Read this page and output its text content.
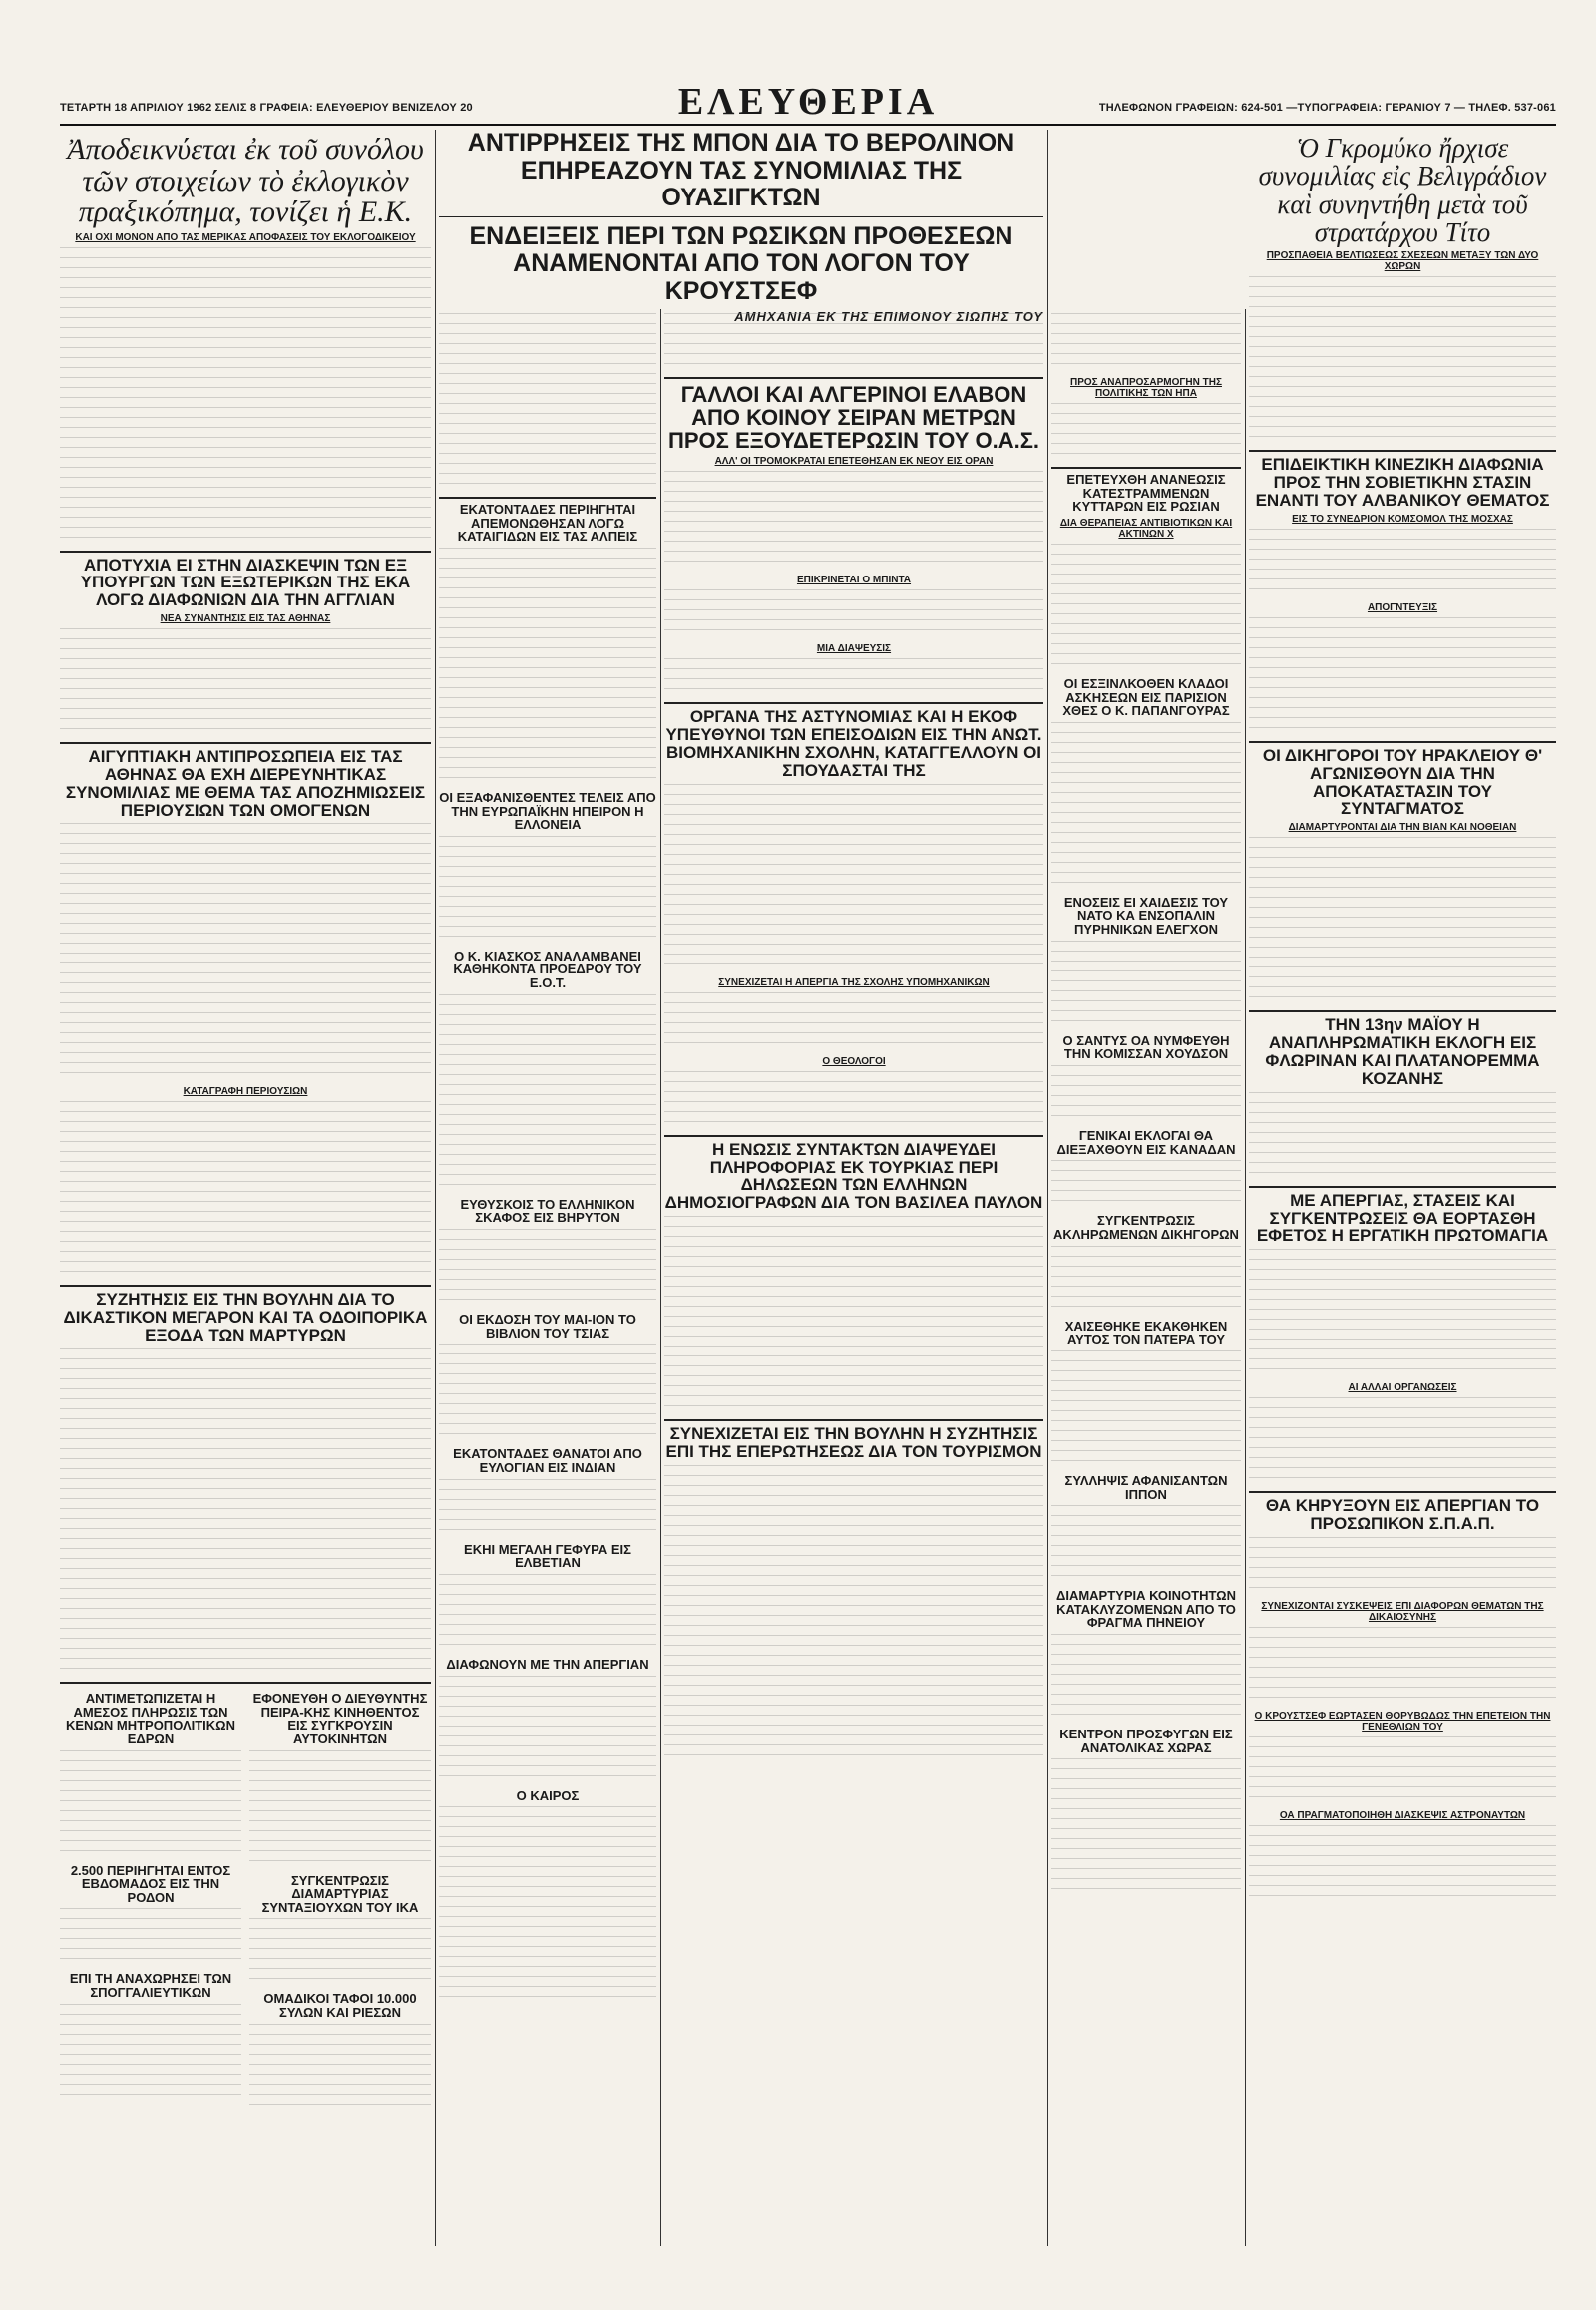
ΤΕΤΑΡΤΗ 18 ΑΠΡΙΛΙΟΥ 1962 ΣΕΛΙΣ 8 ΓΡΑΦΕΙΑ: ΕΛΕΥΘΕΡΙΟΥ ΒΕΝΙΖΕΛΟΥ 20	ΕΛΕΥΘΕΡΙΑ	ΤΗΛΕΦΩΝΟΝ ΓΡΑΦΕΙΩΝ: 624-501 —ΤΥΠΟΓΡΑΦΕΙΑ: ΓΕΡΑΝΙΟΥ 7 — ΤΗΛΕΦ. 537-061
Ἀποδεικνύεται ἐκ τοῦ συνόλου τῶν στοιχείων τὸ ἐκλογικὸν πραξικόπημα, τονίζει ἡ Ε.Κ.
ΚΑΙ ΟΧΙ ΜΟΝΟΝ ΑΠΟ ΤΑΣ ΜΕΡΙΚΑΣ ΑΠΟΦΑΣΕΙΣ ΤΟΥ ΕΚΛΟΓΟΔΙΚΕΙΟΥ
ΑΠΟΤΥΧΙΑ ΕΙ ΣΤΗΝ ΔΙΑΣΚΕΨΙΝ ΤΩΝ ΕΞ ΥΠΟΥΡΓΩΝ ΤΩΝ ΕΞΩΤΕΡΙΚΩΝ ΤΗΣ ΕΚΑ ΛΟΓΩ ΔΙΑΦΩΝΙΩΝ ΔΙΑ ΤΗΝ ΑΓΓΛΙΑΝ
ΝΕΑ ΣΥΝΑΝΤΗΣΙΣ ΕΙΣ ΤΑΣ ΑΘΗΝΑΣ
ΑΙΓΥΠΤΙΑΚΗ ΑΝΤΙΠΡΟΣΩΠΕΙΑ ΕΙΣ ΤΑΣ ΑΘΗΝΑΣ ΘΑ ΕΧΗ ΔΙΕΡΕΥΝΗΤΙΚΑΣ ΣΥΝΟΜΙΛΙΑΣ ΜΕ ΘΕΜΑ ΤΑΣ ΑΠΟΖΗΜΙΩΣΕΙΣ ΠΕΡΙΟΥΣΙΩΝ ΤΩΝ ΟΜΟΓΕΝΩΝ
ΚΑΤΑΓΡΑΦΗ ΠΕΡΙΟΥΣΙΩΝ
ΣΥΖΗΤΗΣΙΣ ΕΙΣ ΤΗΝ ΒΟΥΛΗΝ ΔΙΑ ΤΟ ΔΙΚΑΣΤΙΚΟΝ ΜΕΓΑΡΟΝ ΚΑΙ ΤΑ ΟΔΟΙΠΟΡΙΚΑ ΕΞΟΔΑ ΤΩΝ ΜΑΡΤΥΡΩΝ
ΑΝΤΙΜΕΤΩΠΙΖΕΤΑΙ Η ΑΜΕΣΟΣ ΠΛΗΡΩΣΙΣ ΤΩΝ ΚΕΝΩΝ ΜΗΤΡΟΠΟΛΙΤΙΚΩΝ ΕΔΡΩΝ
2.500 ΠΕΡΙΗΓΗΤΑΙ ΕΝΤΟΣ ΕΒΔΟΜΑΔΟΣ ΕΙΣ ΤΗΝ ΡΟΔΟΝ
ΕΠΙ ΤΗ ΑΝΑΧΩΡΗΣΕΙ ΤΩΝ ΣΠΟΓΓΑΛΙΕΥΤΙΚΩΝ
ΕΦΟΝΕΥΘΗ Ο ΔΙΕΥΘΥΝΤΗΣ ΠΕΙΡΑ-ΚΗΣ ΚΙΝΗΘΕΝΤΟΣ ΕΙΣ ΣΥΓΚΡΟΥΣΙΝ ΑΥΤΟΚΙΝΗΤΩΝ
ΣΥΓΚΕΝΤΡΩΣΙΣ ΔΙΑΜΑΡΤΥΡΙΑΣ ΣΥΝΤΑΞΙΟΥΧΩΝ ΤΟΥ ΙΚΑ
ΟΜΑΔΙΚΟΙ ΤΑΦΟΙ 10.000 ΣΥΛΩΝ ΚΑΙ ΡΙΕΣΩΝ
ΑΝΤΙΡΡΗΣΕΙΣ ΤΗΣ ΜΠΟΝ ΔΙΑ ΤΟ ΒΕΡΟΛΙΝΟΝ ΕΠΗΡΕΑΖΟΥΝ ΤΑΣ ΣΥΝΟΜΙΛΙΑΣ ΤΗΣ ΟΥΑΣΙΓΚΤΩΝ
ΕΝΔΕΙΞΕΙΣ ΠΕΡΙ ΤΩΝ ΡΩΣΙΚΩΝ ΠΡΟΘΕΣΕΩΝ ΑΝΑΜΕΝΟΝΤΑΙ ΑΠΟ ΤΟΝ ΛΟΓΟΝ ΤΟΥ ΚΡΟΥΣΤΣΕΦ
ΑΜΗΧΑΝΙΑ ΕΚ ΤΗΣ ΕΠΙΜΟΝΟΥ ΣΙΩΠΗΣ ΤΟΥ
ΕΚΑΤΟΝΤΑΔΕΣ ΠΕΡΙΗΓΗΤΑΙ ΑΠΕΜΟΝΩΘΗΣΑΝ ΛΟΓΩ ΚΑΤΑΙΓΙΔΩΝ ΕΙΣ ΤΑΣ ΑΛΠΕΙΣ
ΟΙ ΕΞΑΦΑΝΙΣΘΕΝΤΕΣ ΤΕΛΕΙΣ ΑΠΟ ΤΗΝ ΕΥΡΩΠΑΪΚΗΝ ΗΠΕΙΡΟΝ Η ΕΛΛΟΝΕΙΑ
Ο Κ. ΚΙΑΣΚΟΣ ΑΝΑΛΑΜΒΑΝΕΙ ΚΑΘΗΚΟΝΤΑ ΠΡΟΕΔΡΟΥ ΤΟΥ Ε.Ο.Τ.
ΕΥΘΥΣΚΟΙΣ ΤΟ ΕΛΛΗΝΙΚΟΝ ΣΚΑΦΟΣ ΕΙΣ ΒΗΡΥΤΟΝ
ΟΙ ΕΚΔΟΣΗ ΤΟΥ ΜΑΙ-ΙΟΝ ΤΟ ΒΙΒΛΙΟΝ ΤΟΥ ΤΣΙΑΣ
ΕΚΑΤΟΝΤΑΔΕΣ ΘΑΝΑΤΟΙ ΑΠΟ ΕΥΛΟΓΙΑΝ ΕΙΣ ΙΝΔΙΑΝ
ΕΚΗΙ ΜΕΓΑΛΗ ΓΕΦΥΡΑ ΕΙΣ ΕΛΒΕΤΙΑΝ
ΔΙΑΦΩΝΟΥΝ ΜΕ ΤΗΝ ΑΠΕΡΓΙΑΝ
Ο ΚΑΙΡΟΣ
ΓΑΛΛΟΙ ΚΑΙ ΑΛΓΕΡΙΝΟΙ ΕΛΑΒΟΝ ΑΠΟ ΚΟΙΝΟΥ ΣΕΙΡΑΝ ΜΕΤΡΩΝ ΠΡΟΣ ΕΞΟΥΔΕΤΕΡΩΣΙΝ ΤΟΥ Ο.Α.Σ.
ΑΛΛ' ΟΙ ΤΡΟΜΟΚΡΑΤΑΙ ΕΠΕΤΕΘΗΣΑΝ ΕΚ ΝΕΟΥ ΕΙΣ ΟΡΑΝ
ΕΠΙΚΡΙΝΕΤΑΙ Ο ΜΠΙΝΤΑ
ΜΙΑ ΔΙΑΨΕΥΣΙΣ
ΟΡΓΑΝΑ ΤΗΣ ΑΣΤΥΝΟΜΙΑΣ ΚΑΙ Η ΕΚΟΦ ΥΠΕΥΘΥΝΟΙ ΤΩΝ ΕΠΕΙΣΟΔΙΩΝ ΕΙΣ ΤΗΝ ΑΝΩΤ. ΒΙΟΜΗΧΑΝΙΚΗΝ ΣΧΟΛΗΝ, ΚΑΤΑΓΓΕΛΛΟΥΝ ΟΙ ΣΠΟΥΔΑΣΤΑΙ ΤΗΣ
ΣΥΝΕΧΙΖΕΤΑΙ Η ΑΠΕΡΓΙΑ ΤΗΣ ΣΧΟΛΗΣ ΥΠΟΜΗΧΑΝΙΚΩΝ
Ο ΘΕΟΛΟΓΟΙ
Η ΕΝΩΣΙΣ ΣΥΝΤΑΚΤΩΝ ΔΙΑΨΕΥΔΕΙ ΠΛΗΡΟΦΟΡΙΑΣ ΕΚ ΤΟΥΡΚΙΑΣ ΠΕΡΙ ΔΗΛΩΣΕΩΝ ΤΩΝ ΕΛΛΗΝΩΝ ΔΗΜΟΣΙΟΓΡΑΦΩΝ ΔΙΑ ΤΟΝ ΒΑΣΙΛΕΑ ΠΑΥΛΟΝ
ΣΥΝΕΧΙΖΕΤΑΙ ΕΙΣ ΤΗΝ ΒΟΥΛΗΝ Η ΣΥΖΗΤΗΣΙΣ ΕΠΙ ΤΗΣ ΕΠΕΡΩΤΗΣΕΩΣ ΔΙΑ ΤΟΝ ΤΟΥΡΙΣΜΟΝ
ΠΡΟΣ ΑΝΑΠΡΟΣΑΡΜΟΓΗΝ ΤΗΣ ΠΟΛΙΤΙΚΗΣ ΤΩΝ ΗΠΑ
ΕΠΕΤΕΥΧΘΗ ΑΝΑΝΕΩΣΙΣ ΚΑΤΕΣΤΡΑΜΜΕΝΩΝ ΚΥΤΤΑΡΩΝ ΕΙΣ ΡΩΣΙΑΝ
ΔΙΑ ΘΕΡΑΠΕΙΑΣ ΑΝΤΙΒΙΟΤΙΚΩΝ ΚΑΙ ΑΚΤΙΝΩΝ Χ
ΟΙ ΕΣΞΙΝΛΚΟΘΕΝ ΚΛΑΔΟΙ ΑΣΚΗΣΕΩΝ ΕΙΣ ΠΑΡΙΣΙΟΝ ΧΘΕΣ Ο Κ. ΠΑΠΑΝΓΟΥΡΑΣ
ΕΝΟΣΕΙΣ ΕΙ ΧΑΙΔΕΣΙΣ ΤΟΥ ΝΑΤΟ ΚΑ ΕΝΣΟΠΑΛΙΝ ΠΥΡΗΝΙΚΩΝ ΕΛΕΓΧΟΝ
Ο ΣΑΝΤΥΣ ΟΑ ΝΥΜΦΕΥΘΗ ΤΗΝ ΚΟΜΙΣΣΑΝ ΧΟΥΔΣΟΝ
ΓΕΝΙΚΑΙ ΕΚΛΟΓΑΙ ΘΑ ΔΙΕΞΑΧΘΟΥΝ ΕΙΣ ΚΑΝΑΔΑΝ
ΣΥΓΚΕΝΤΡΩΣΙΣ ΑΚΛΗΡΩΜΕΝΩΝ ΔΙΚΗΓΟΡΩΝ
ΧΑΙΣΕΘΗΚΕ ΕΚΑΚΘΗΚΕΝ ΑΥΤΟΣ ΤΟΝ ΠΑΤΕΡΑ ΤΟΥ
ΣΥΛΛΗΨΙΣ ΑΦΑΝΙΣΑΝΤΩΝ ΙΠΠΟΝ
ΔΙΑΜΑΡΤΥΡΙΑ ΚΟΙΝΟΤΗΤΩΝ ΚΑΤΑΚΛΥΖΟΜΕΝΩΝ ΑΠΟ ΤΟ ΦΡΑΓΜΑ ΠΗΝΕΙΟΥ
ΚΕΝΤΡΟΝ ΠΡΟΣΦΥΓΩΝ ΕΙΣ ΑΝΑΤΟΛΙΚΑΣ ΧΩΡΑΣ
Ὁ Γκρομύκο ἤρχισε συνομιλίας εἰς Βελιγράδιον καὶ συνηντήθη μετὰ τοῦ στρατάρχου Τίτο
ΠΡΟΣΠΑΘΕΙΑ ΒΕΛΤΙΩΣΕΩΣ ΣΧΕΣΕΩΝ ΜΕΤΑΞΥ ΤΩΝ ΔΥΟ ΧΩΡΩΝ
ΕΠΙΔΕΙΚΤΙΚΗ ΚΙΝΕΖΙΚΗ ΔΙΑΦΩΝΙΑ ΠΡΟΣ ΤΗΝ ΣΟΒΙΕΤΙΚΗΝ ΣΤΑΣΙΝ ΕΝΑΝΤΙ ΤΟΥ ΑΛΒΑΝΙΚΟΥ ΘΕΜΑΤΟΣ
ΕΙΣ ΤΟ ΣΥΝΕΔΡΙΟΝ ΚΟΜΣΟΜΟΛ ΤΗΣ ΜΟΣΧΑΣ
ΑΠΟΓΝΤΕΥΞΙΣ
ΟΙ ΔΙΚΗΓΟΡΟΙ ΤΟΥ ΗΡΑΚΛΕΙΟΥ Θ' ΑΓΩΝΙΣΘΟΥΝ ΔΙΑ ΤΗΝ ΑΠΟΚΑΤΑΣΤΑΣΙΝ ΤΟΥ ΣΥΝΤΑΓΜΑΤΟΣ
ΔΙΑΜΑΡΤΥΡΟΝΤΑΙ ΔΙΑ ΤΗΝ ΒΙΑΝ ΚΑΙ ΝΟΘΕΙΑΝ
ΤΗΝ 13ην ΜΑΪΟΥ Η ΑΝΑΠΛΗΡΩΜΑΤΙΚΗ ΕΚΛΟΓΗ ΕΙΣ ΦΛΩΡΙΝΑΝ ΚΑΙ ΠΛΑΤΑΝΟΡΕΜΜΑ ΚΟΖΑΝΗΣ
ΜΕ ΑΠΕΡΓΙΑΣ, ΣΤΑΣΕΙΣ ΚΑΙ ΣΥΓΚΕΝΤΡΩΣΕΙΣ ΘΑ ΕΟΡΤΑΣΘΗ ΕΦΕΤΟΣ Η ΕΡΓΑΤΙΚΗ ΠΡΩΤΟΜΑΓΙΑ
ΑΙ ΑΛΛΑΙ ΟΡΓΑΝΩΣΕΙΣ
ΘΑ ΚΗΡΥΞΟΥΝ ΕΙΣ ΑΠΕΡΓΙΑΝ ΤΟ ΠΡΟΣΩΠΙΚΟΝ Σ.Π.Α.Π.
ΣΥΝΕΧΙΖΟΝΤΑΙ ΣΥΣΚΕΨΕΙΣ ΕΠΙ ΔΙΑΦΟΡΩΝ ΘΕΜΑΤΩΝ ΤΗΣ ΔΙΚΑΙΟΣΥΝΗΣ
Ο ΚΡΟΥΣΤΣΕΦ ΕΩΡΤΑΣΕΝ ΘΟΡΥΒΩΔΩΣ ΤΗΝ ΕΠΕΤΕΙΟΝ ΤΗΝ ΓΕΝΕΘΛΙΩΝ ΤΟΥ
ΟΑ ΠΡΑΓΜΑΤΟΠΟΙΗΘΗ ΔΙΑΣΚΕΨΙΣ ΑΣΤΡΟΝΑΥΤΩΝ
